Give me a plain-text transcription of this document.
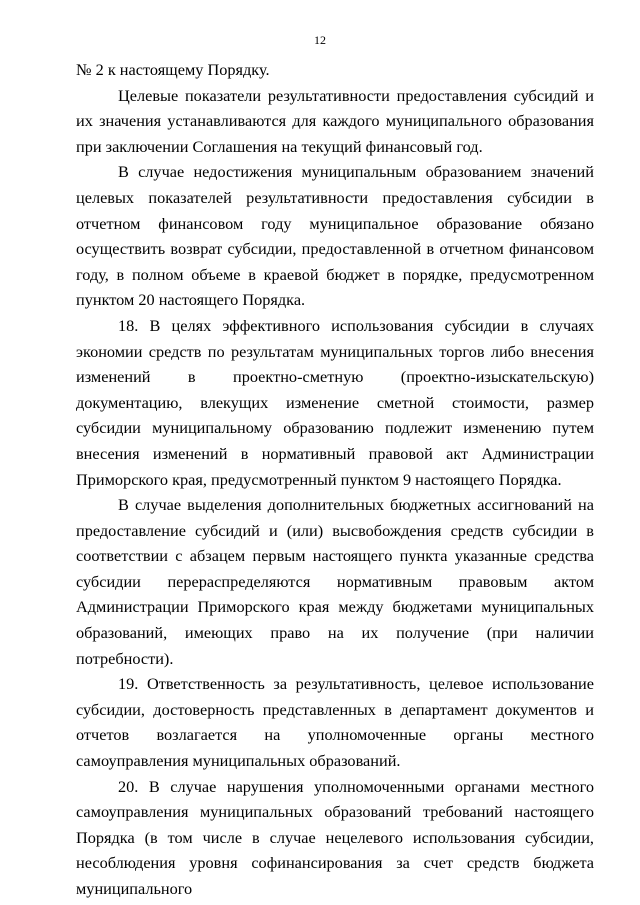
12

№ 2 к настоящему Порядку.

Целевые показатели результативности предоставления субсидий и их значения устанавливаются для каждого муниципального образования при заключении Соглашения на текущий финансовый год.

В случае недостижения муниципальным образованием значений целевых показателей результативности предоставления субсидии в отчетном финансовом году муниципальное образование обязано осуществить возврат субсидии, предоставленной в отчетном финансовом году, в полном объеме в краевой бюджет в порядке, предусмотренном пунктом 20 настоящего Порядка.

18. В целях эффективного использования субсидии в случаях экономии средств по результатам муниципальных торгов либо внесения изменений в проектно-сметную (проектно-изыскательскую) документацию, влекущих изменение сметной стоимости, размер субсидии муниципальному образованию подлежит изменению путем внесения изменений в нормативный правовой акт Администрации Приморского края, предусмотренный пунктом 9 настоящего Порядка.

В случае выделения дополнительных бюджетных ассигнований на предоставление субсидий и (или) высвобождения средств субсидии в соответствии с абзацем первым настоящего пункта указанные средства субсидии перераспределяются нормативным правовым актом Администрации Приморского края между бюджетами муниципальных образований, имеющих право на их получение (при наличии потребности).

19. Ответственность за результативность, целевое использование субсидии, достоверность представленных в департамент документов и отчетов возлагается на уполномоченные органы местного самоуправления муниципальных образований.

20. В случае нарушения уполномоченными органами местного самоуправления муниципальных образований требований настоящего Порядка (в том числе в случае нецелевого использования субсидии, несоблюдения уровня софинансирования за счет средств бюджета муниципального
